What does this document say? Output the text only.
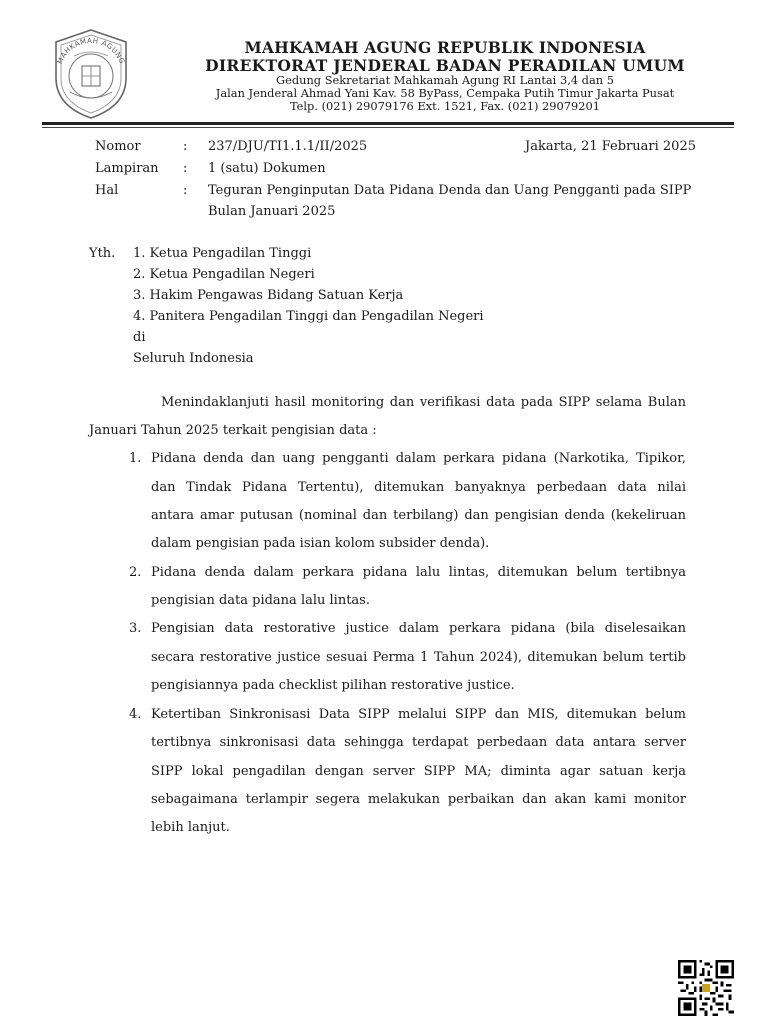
MAHKAMAH AGUNG
MAHKAMAH AGUNG REPUBLIK INDONESIA
DIREKTORAT JENDERAL BADAN PERADILAN UMUM
Gedung Sekretariat Mahkamah Agung RI Lantai 3,4 dan 5
Jalan Jenderal Ahmad Yani Kav. 58 ByPass, Cempaka Putih Timur Jakarta Pusat
Telp. (021) 29079176 Ext. 1521, Fax. (021) 29079201
Nomor	: 237/DJU/TI1.1.1/II/2025	Jakarta, 21 Februari 2025
Lampiran : 1 (satu) Dokumen
Hal	: Teguran Penginputan Data Pidana Denda dan Uang Pengganti pada SIPP
Bulan Januari 2025
Yth. 1. Ketua Pengadilan Tinggi
2. Ketua Pengadilan Negeri
3. Hakim Pengawas Bidang Satuan Kerja
4. Panitera Pengadilan Tinggi dan Pengadilan Negeri
di
Seluruh Indonesia
Menindaklanjuti hasil monitoring dan verifikasi data pada SIPP selama Bulan
Januari Tahun 2025 terkait pengisian data :
1. Pidana denda dan uang pengganti dalam perkara pidana (Narkotika, Tipikor,
dan Tindak Pidana Tertentu), ditemukan banyaknya perbedaan data nilai
antara amar putusan (nominal dan terbilang) dan pengisian denda (kekeliruan
dalam pengisian pada isian kolom subsider denda).
2. Pidana denda dalam perkara pidana lalu lintas, ditemukan belum tertibnya
pengisian data pidana lalu lintas.
3. Pengisian data restorative justice dalam perkara pidana (bila diselesaikan
secara restorative justice sesuai Perma 1 Tahun 2024), ditemukan belum tertib
pengisiannya pada checklist pilihan restorative justice.
4. Ketertiban Sinkronisasi Data SIPP melalui SIPP dan MIS, ditemukan belum
tertibnya sinkronisasi data sehingga terdapat perbedaan data antara server
SIPP lokal pengadilan dengan server SIPP MA; diminta agar satuan kerja
sebagaimana terlampir segera melakukan perbaikan dan akan kami monitor
lebih lanjut.
